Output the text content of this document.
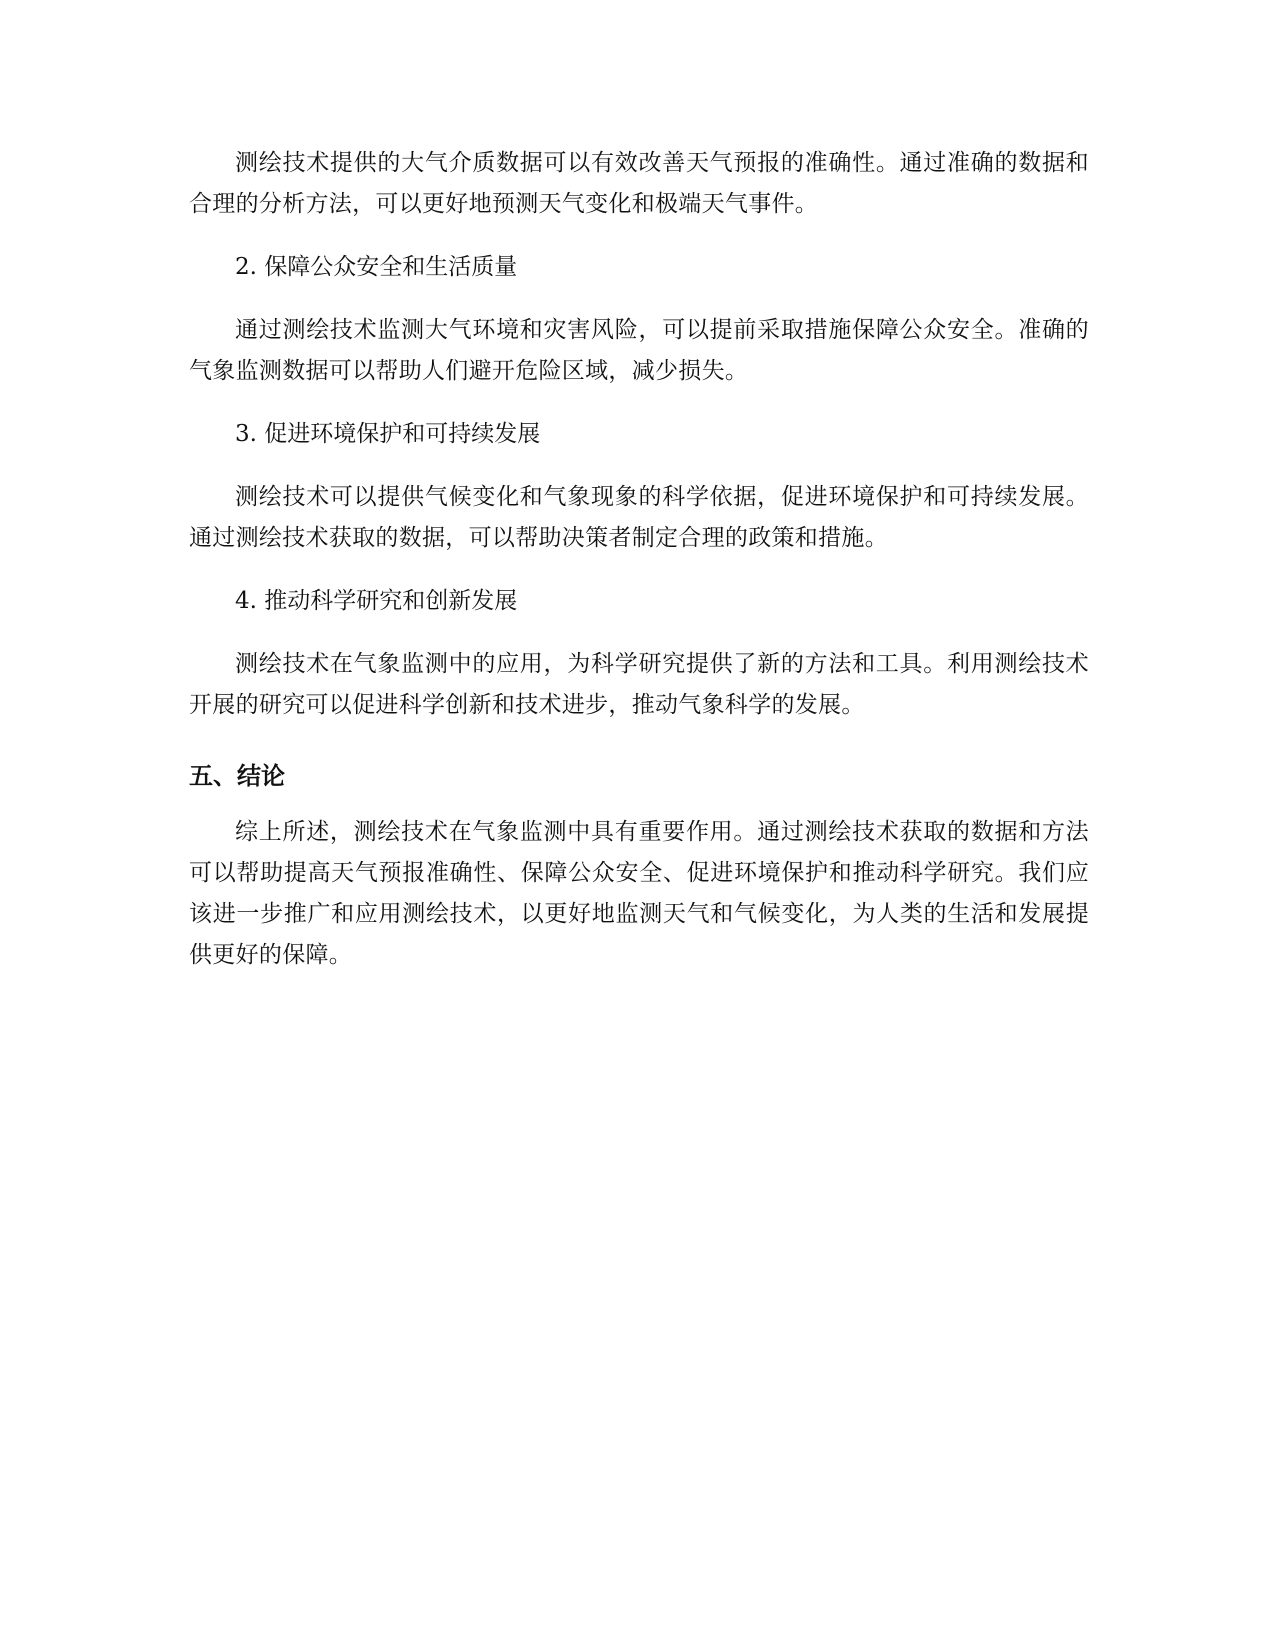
测绘技术提供的大气介质数据可以有效改善天气预报的准确性。通过准确的数据和合理的分析方法，可以更好地预测天气变化和极端天气事件。

2. 保障公众安全和生活质量

通过测绘技术监测大气环境和灾害风险，可以提前采取措施保障公众安全。准确的气象监测数据可以帮助人们避开危险区域，减少损失。

3. 促进环境保护和可持续发展

测绘技术可以提供气候变化和气象现象的科学依据，促进环境保护和可持续发展。通过测绘技术获取的数据，可以帮助决策者制定合理的政策和措施。

4. 推动科学研究和创新发展

测绘技术在气象监测中的应用，为科学研究提供了新的方法和工具。利用测绘技术开展的研究可以促进科学创新和技术进步，推动气象科学的发展。

五、结论

综上所述，测绘技术在气象监测中具有重要作用。通过测绘技术获取的数据和方法可以帮助提高天气预报准确性、保障公众安全、促进环境保护和推动科学研究。我们应该进一步推广和应用测绘技术，以更好地监测天气和气候变化，为人类的生活和发展提供更好的保障。
